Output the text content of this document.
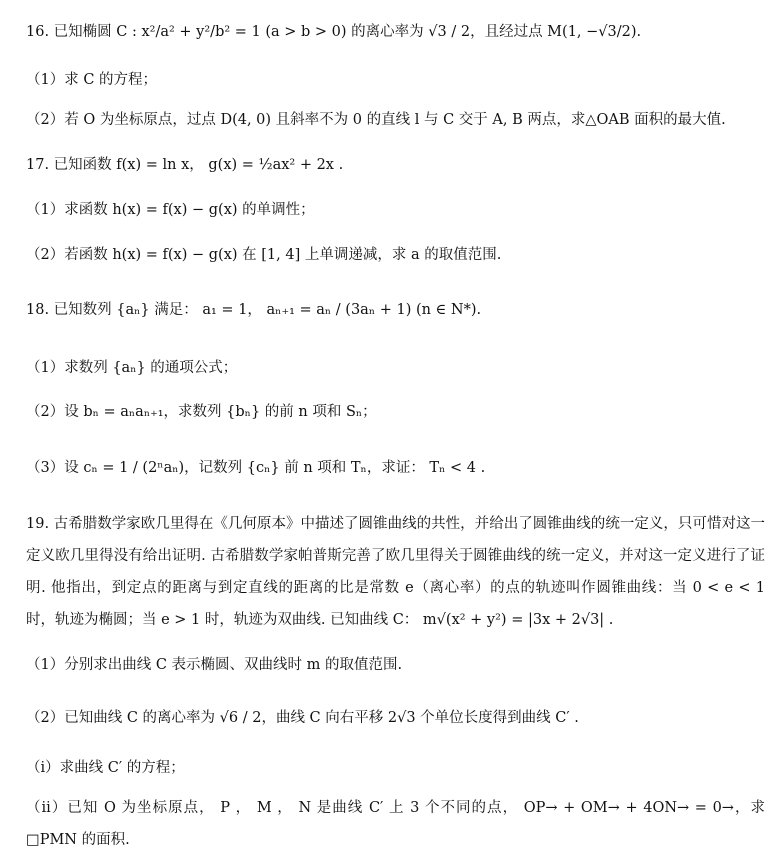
16. 已知椭圆 C : x²/a² + y²/b² = 1 (a > b > 0) 的离心率为 √3 / 2，且经过点 M(1, −√3/2).
（1）求 C 的方程；
（2）若 O 为坐标原点，过点 D(4, 0) 且斜率不为 0 的直线 l 与 C 交于 A, B 两点，求△OAB 面积的最大值.
17. 已知函数 f(x) = ln x， g(x) = ½ax² + 2x .
（1）求函数 h(x) = f(x) − g(x) 的单调性；
（2）若函数 h(x) = f(x) − g(x) 在 [1, 4] 上单调递减，求 a 的取值范围.
18. 已知数列 {aₙ} 满足： a₁ = 1， aₙ₊₁ = aₙ / (3aₙ + 1) (n ∈ N*).
（1）求数列 {aₙ} 的通项公式；
（2）设 bₙ = aₙaₙ₊₁，求数列 {bₙ} 的前 n 项和 Sₙ；
（3）设 cₙ = 1 / (2ⁿaₙ)，记数列 {cₙ} 前 n 项和 Tₙ，求证： Tₙ < 4 .
19. 古希腊数学家欧几里得在《几何原本》中描述了圆锥曲线的共性，并给出了圆锥曲线的统一定义，只可惜对这一定义欧几里得没有给出证明. 古希腊数学家帕普斯完善了欧几里得关于圆锥曲线的统一定义，并对这一定义进行了证明. 他指出，到定点的距离与到定直线的距离的比是常数 e（离心率）的点的轨迹叫作圆锥曲线：当 0 < e < 1 时，轨迹为椭圆；当 e > 1 时，轨迹为双曲线. 已知曲线 C： m√(x² + y²) = |3x + 2√3| .
（1）分别求出曲线 C 表示椭圆、双曲线时 m 的取值范围.
（2）已知曲线 C 的离心率为 √6 / 2，曲线 C 向右平移 2√3 个单位长度得到曲线 C′ .
（i）求曲线 C′ 的方程；
（ii）已知 O 为坐标原点， P ， M ， N 是曲线 C′ 上 3 个不同的点， OP→ + OM→ + 4ON→ = 0→，求□PMN 的面积.
